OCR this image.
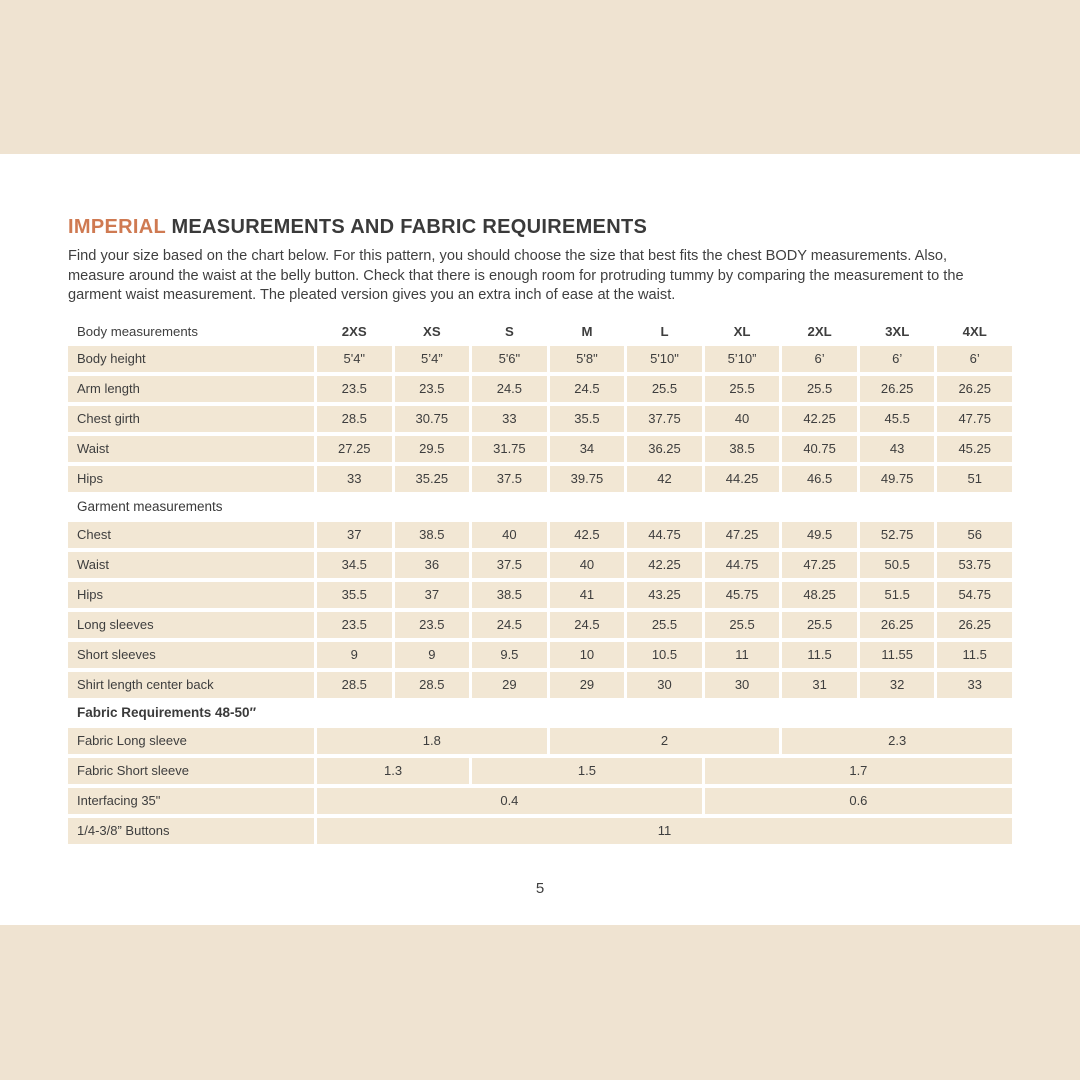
IMPERIAL MEASUREMENTS AND FABRIC REQUIREMENTS

Find your size based on the chart below. For this pattern, you should choose the size that best fits the chest BODY measurements. Also, measure around the waist at the belly button. Check that there is enough room for protruding tummy by comparing the measurement to the garment waist measurement. The pleated version gives you an extra inch of ease at the waist.

Body measurements	2XS	XS	S	M	L	XL	2XL	3XL	4XL
Body height	5'4"	5’4”	5'6"	5'8"	5'10"	5’10”	6’	6’	6’
Arm length	23.5	23.5	24.5	24.5	25.5	25.5	25.5	26.25	26.25
Chest girth	28.5	30.75	33	35.5	37.75	40	42.25	45.5	47.75
Waist	27.25	29.5	31.75	34	36.25	38.5	40.75	43	45.25
Hips	33	35.25	37.5	39.75	42	44.25	46.5	49.75	51
Garment measurements
Chest	37	38.5	40	42.5	44.75	47.25	49.5	52.75	56
Waist	34.5	36	37.5	40	42.25	44.75	47.25	50.5	53.75
Hips	35.5	37	38.5	41	43.25	45.75	48.25	51.5	54.75
Long sleeves	23.5	23.5	24.5	24.5	25.5	25.5	25.5	26.25	26.25
Short sleeves	9	9	9.5	10	10.5	11	11.5	11.55	11.5
Shirt length center back	28.5	28.5	29	29	30	30	31	32	33
Fabric Requirements 48-50″
Fabric Long sleeve	1.8	2	2.3
Fabric Short sleeve	1.3	1.5	1.7
Interfacing 35"	0.4	0.6
1/4-3/8” Buttons	11
5
